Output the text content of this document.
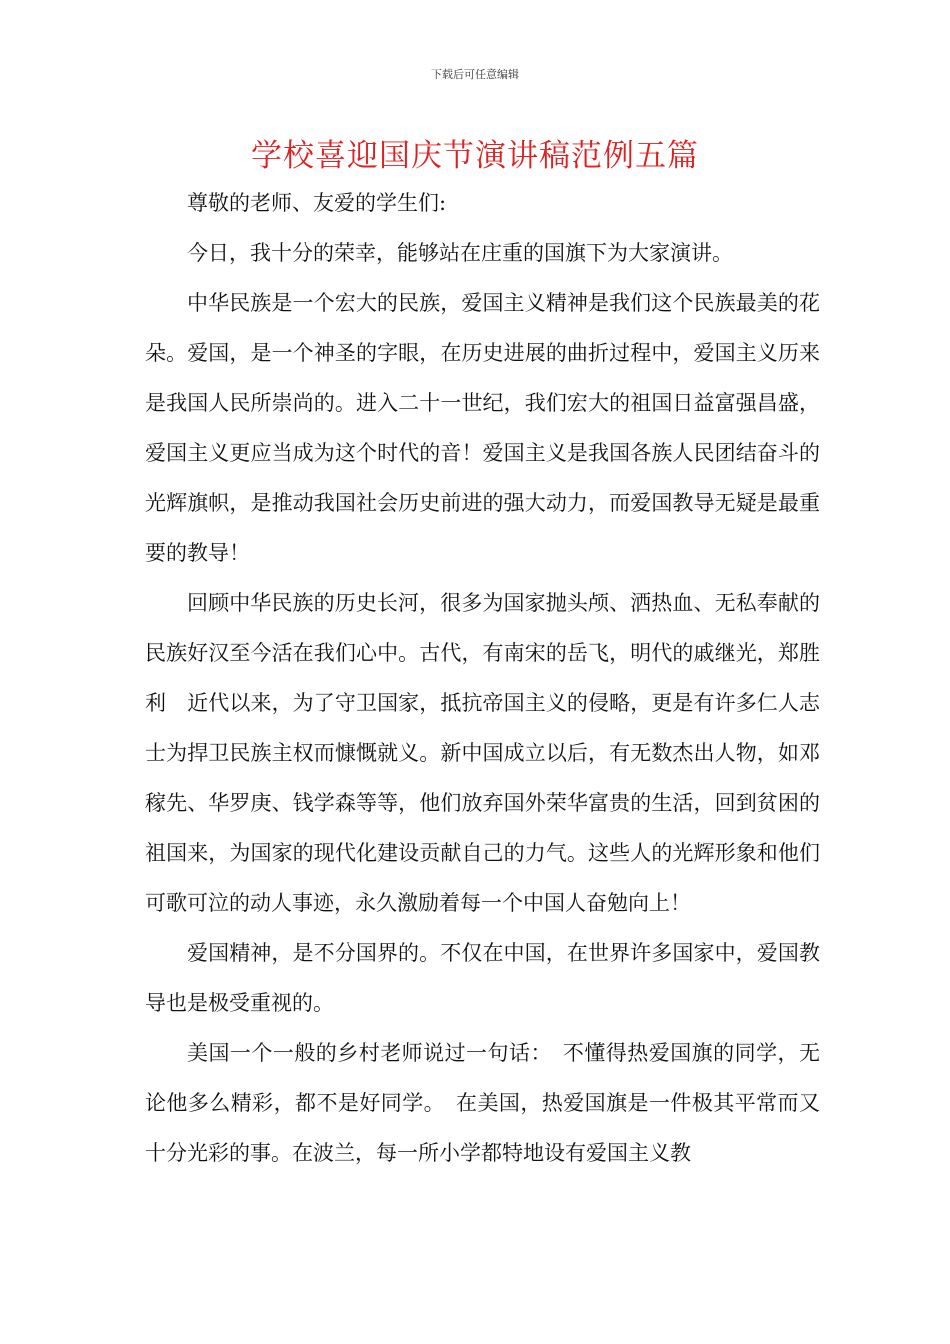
下载后可任意编辑
学校喜迎国庆节演讲稿范例五篇

尊敬的老师、友爱的学生们:

今日，我十分的荣幸，能够站在庄重的国旗下为大家演讲。

中华民族是一个宏大的民族，爱国主义精神是我们这个民族最美的花朵。爱国，是一个神圣的字眼，在历史进展的曲折过程中，爱国主义历来是我国人民所崇尚的。进入二十一世纪，我们宏大的祖国日益富强昌盛，爱国主义更应当成为这个时代的音！爱国主义是我国各族人民团结奋斗的光辉旗帜，是推动我国社会历史前进的强大动力，而爱国教导无疑是最重要的教导！

回顾中华民族的历史长河，很多为国家抛头颅、洒热血、无私奉献的民族好汉至今活在我们心中。古代，有南宋的岳飞，明代的戚继光，郑胜利　近代以来，为了守卫国家，抵抗帝国主义的侵略，更是有许多仁人志士为捍卫民族主权而慷慨就义。新中国成立以后，有无数杰出人物，如邓稼先、华罗庚、钱学森等等，他们放弃国外荣华富贵的生活，回到贫困的祖国来，为国家的现代化建设贡献自己的力气。这些人的光辉形象和他们可歌可泣的动人事迹，永久激励着每一个中国人奋勉向上！

爱国精神，是不分国界的。不仅在中国，在世界许多国家中，爱国教导也是极受重视的。

美国一个一般的乡村老师说过一句话：　不懂得热爱国旗的同学，无论他多么精彩，都不是好同学。　在美国，热爱国旗是一件极其平常而又十分光彩的事。在波兰，每一所小学都特地设有爱国主义教
